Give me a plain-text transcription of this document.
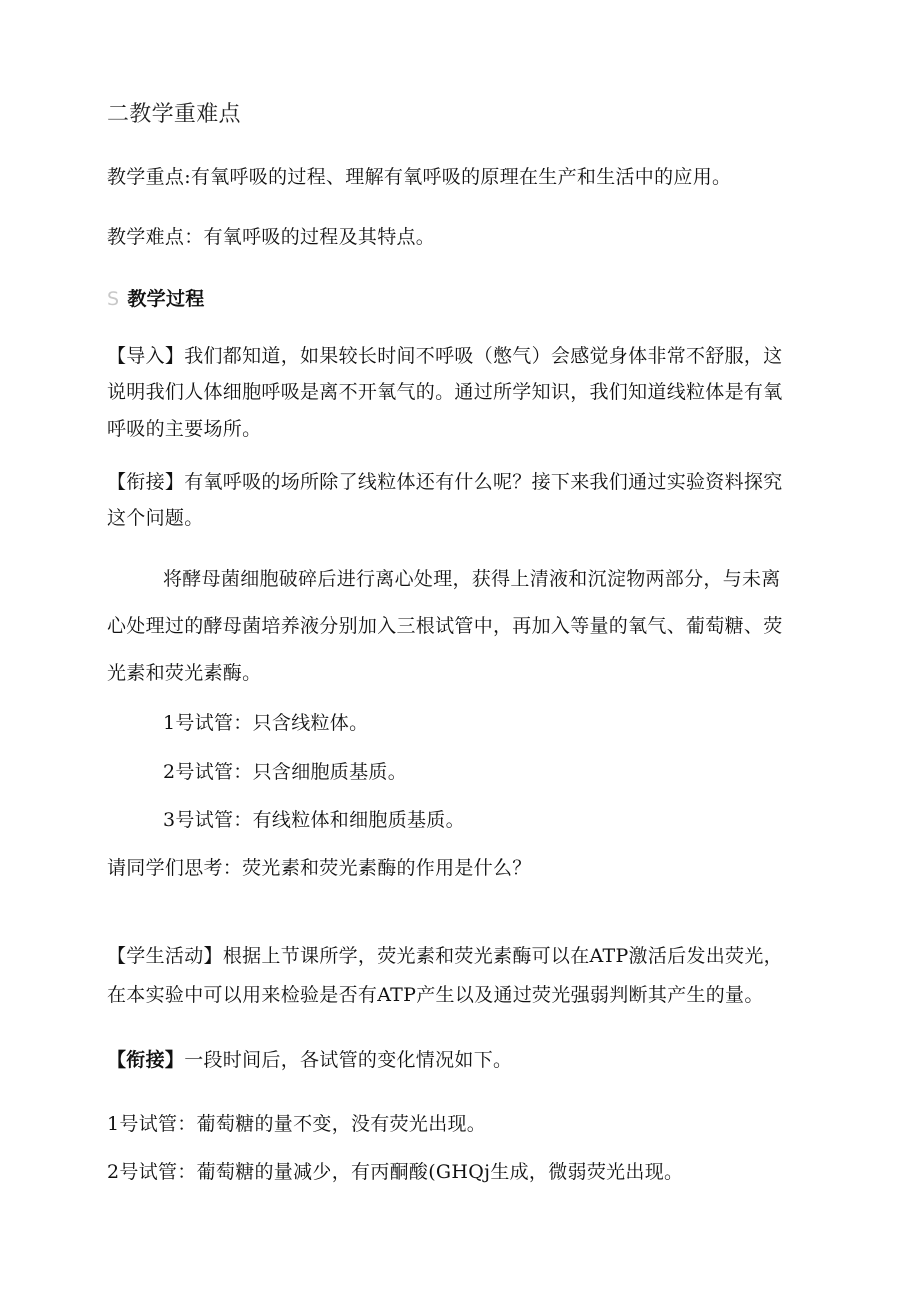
二教学重难点
教学重点:有氧呼吸的过程、理解有氧呼吸的原理在生产和生活中的应用。
教学难点：有氧呼吸的过程及其特点。
S 教学过程
【导入】我们都知道，如果较长时间不呼吸（憋气）会感觉身体非常不舒服，这
说明我们人体细胞呼吸是离不开氧气的。通过所学知识，我们知道线粒体是有氧
呼吸的主要场所。
【衔接】有氧呼吸的场所除了线粒体还有什么呢？接下来我们通过实验资料探究
这个问题。
将酵母菌细胞破碎后进行离心处理，获得上清液和沉淀物两部分，与未离
心处理过的酵母菌培养液分别加入三根试管中，再加入等量的氧气、葡萄糖、荧
光素和荧光素酶。
1号试管：只含线粒体。
2号试管：只含细胞质基质。
3号试管：有线粒体和细胞质基质。
请同学们思考：荧光素和荧光素酶的作用是什么？
【学生活动】根据上节课所学，荧光素和荧光素酶可以在ATP激活后发出荧光，
在本实验中可以用来检验是否有ATP产生以及通过荧光强弱判断其产生的量。
【衔接】一段时间后，各试管的变化情况如下。
1号试管：葡萄糖的量不变，没有荧光出现。
2号试管：葡萄糖的量减少，有丙酮酸(GHQj生成，微弱荧光出现。
